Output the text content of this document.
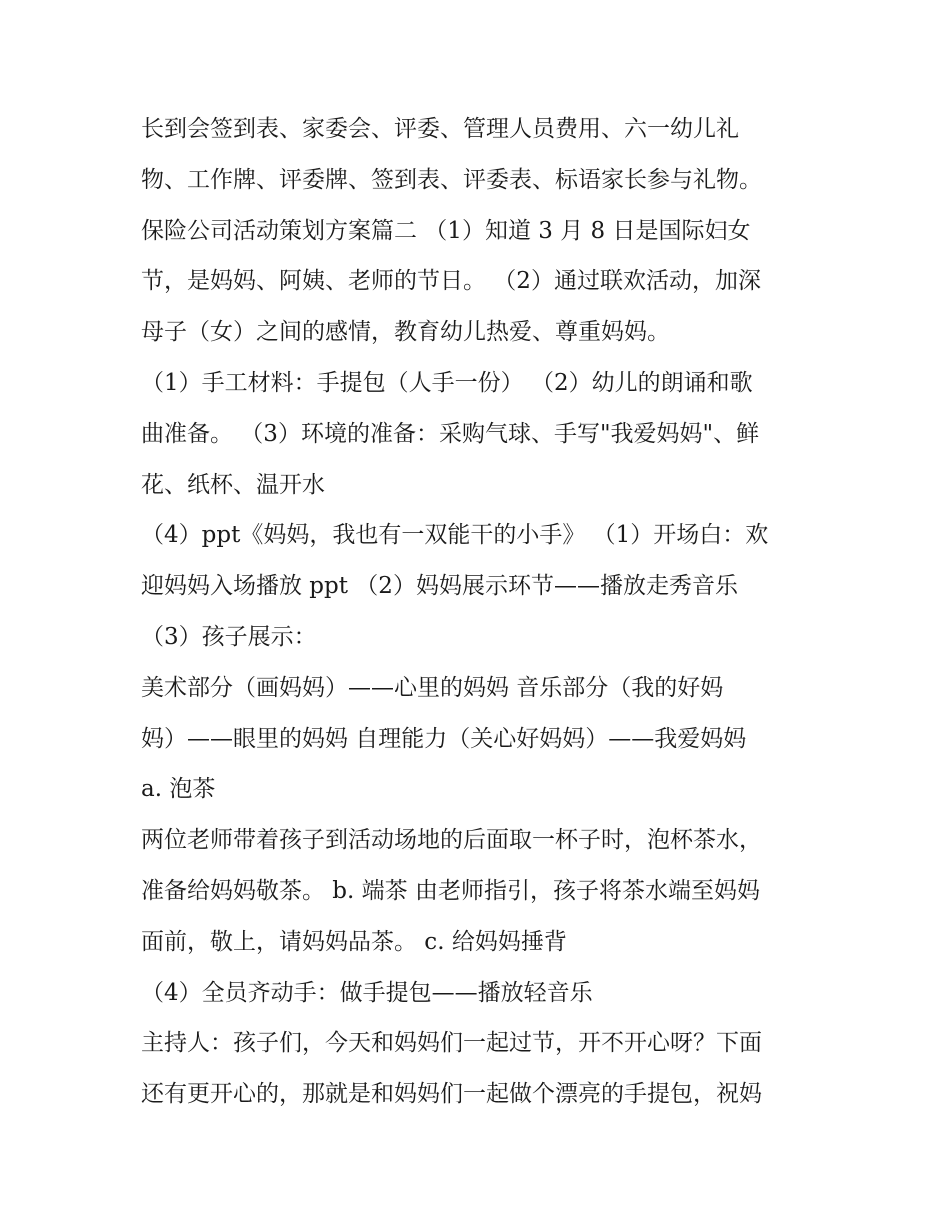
长到会签到表、家委会、评委、管理人员费用、六一幼儿礼
物、工作牌、评委牌、签到表、评委表、标语家长参与礼物。
保险公司活动策划方案篇二 （1）知道 3 月 8 日是国际妇女
节，是妈妈、阿姨、老师的节日。 （2）通过联欢活动，加深
母子（女）之间的感情，教育幼儿热爱、尊重妈妈。
（1）手工材料：手提包（人手一份） （2）幼儿的朗诵和歌
曲准备。 （3）环境的准备：采购气球、手写"我爱妈妈"、鲜
花、纸杯、温开水
（4）ppt《妈妈，我也有一双能干的小手》 （1）开场白：欢
迎妈妈入场播放 ppt （2）妈妈展示环节——播放走秀音乐
（3）孩子展示：
美术部分（画妈妈）——心里的妈妈 音乐部分（我的好妈
妈）——眼里的妈妈 自理能力（关心好妈妈）——我爱妈妈
a. 泡茶
两位老师带着孩子到活动场地的后面取一杯子时，泡杯茶水，
准备给妈妈敬茶。 b. 端茶 由老师指引，孩子将茶水端至妈妈
面前，敬上，请妈妈品茶。 c. 给妈妈捶背
（4）全员齐动手：做手提包——播放轻音乐
主持人：孩子们，今天和妈妈们一起过节，开不开心呀？下面
还有更开心的，那就是和妈妈们一起做个漂亮的手提包，祝妈
